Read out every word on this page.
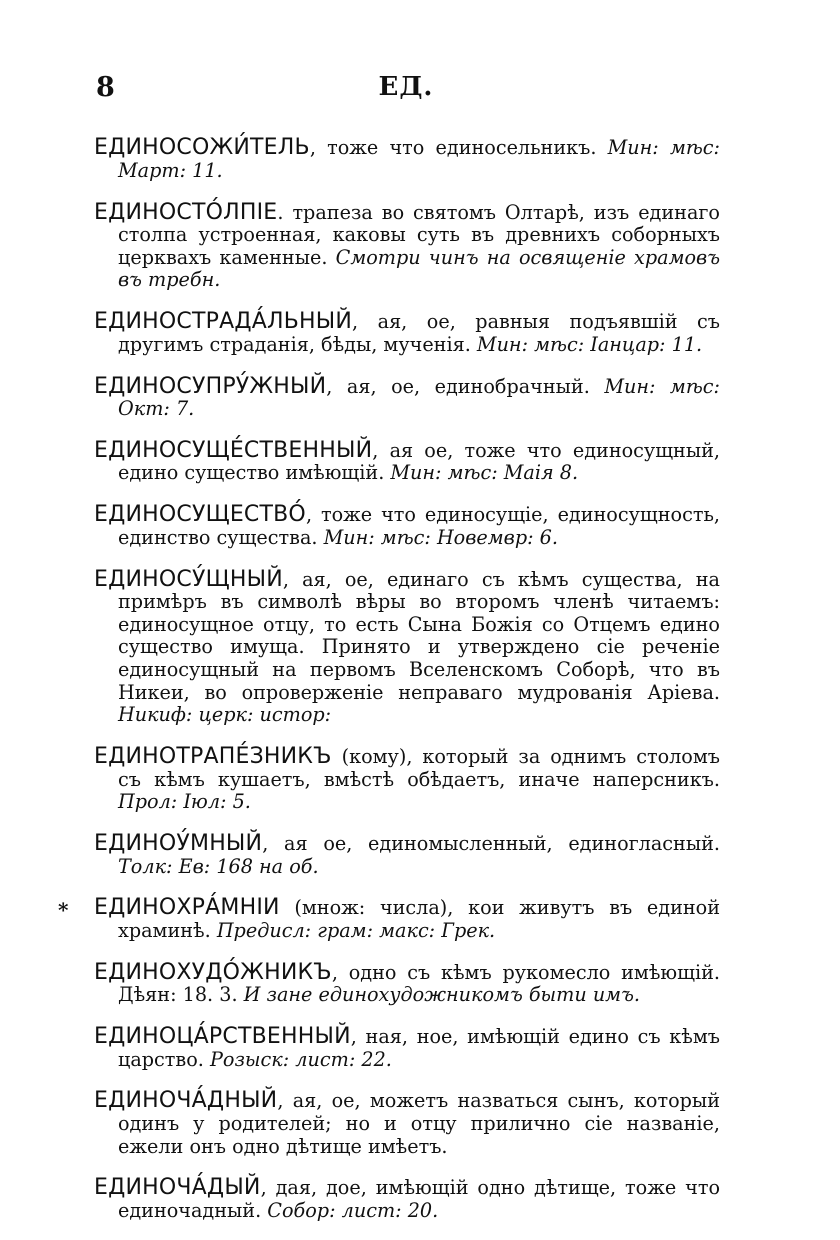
8	ЕД.

ЕДИНОСОЖИ́ТЕЛЬ, тоже что единосельникъ. Мин: мѣс: Март: 11.

ЕДИНОСТО́ЛПІЕ. трапеза во святомъ Олтарѣ, изъ единаго столпа устроенная, каковы суть въ древнихъ соборныхъ церквахъ каменные. Смотри чинъ на освященіе храмовъ въ требн.

ЕДИНОСТРАДА́ЛЬНЫЙ, ая, ое, равныя подъявшій съ другимъ страданія, бѣды, мученія. Мин: мѣс: Іанцар: 11.

ЕДИНОСУПРУ́ЖНЫЙ, ая, ое, единобрачный. Мин: мѣс: Окт: 7.

ЕДИНОСУЩЕ́СТВЕННЫЙ, ая ое, тоже что единосущный, едино существо имѣющій. Мин: мѣс: Маія 8.

ЕДИНОСУЩЕСТВО́, тоже что единосущіе, единосущность, единство существа. Мин: мѣс: Новемвр: 6.

ЕДИНОСУ́ЩНЫЙ, ая, ое, единаго съ кѣмъ существа, на примѣръ въ символѣ вѣры во второмъ членѣ читаемъ: единосущное отцу, то есть Сына Божія со Отцемъ едино существо имуща. Принято и утверждено сіе реченіе единосущный на первомъ Вселенскомъ Соборѣ, что въ Никеи, во опроверженіе неправаго мудрованія Аріева. Никиф: церк: истор:

ЕДИНОТРАПЕ́ЗНИКЪ (кому), который за однимъ столомъ съ кѣмъ кушаетъ, вмѣстѣ обѣдаетъ, иначе наперсникъ. Прол: Іюл: 5.

ЕДИНОУ́МНЫЙ, ая ое, единомысленный, единогласный. Толк: Ев: 168 на об.

*	ЕДИНОХРА́МНІИ (множ: числа), кои живутъ въ единой храминѣ. Предисл: грам: макс: Грек.

ЕДИНОХУДО́ЖНИКЪ, одно съ кѣмъ рукомесло имѣющій. Дѣян: 18. 3. И зане единохудожникомъ быти имъ.

ЕДИНОЦА́РСТВЕННЫЙ, ная, ное, имѣющій едино съ кѣмъ царство. Розыск: лист: 22.

ЕДИНОЧА́ДНЫЙ, ая, ое, можетъ назваться сынъ, который одинъ у родителей; но и отцу прилично сіе названіе, ежели онъ одно дѣтище имѣетъ.

ЕДИНОЧА́ДЫЙ, дая, дое, имѣющій одно дѣтище, тоже что единочадный. Собор: лист: 20.
